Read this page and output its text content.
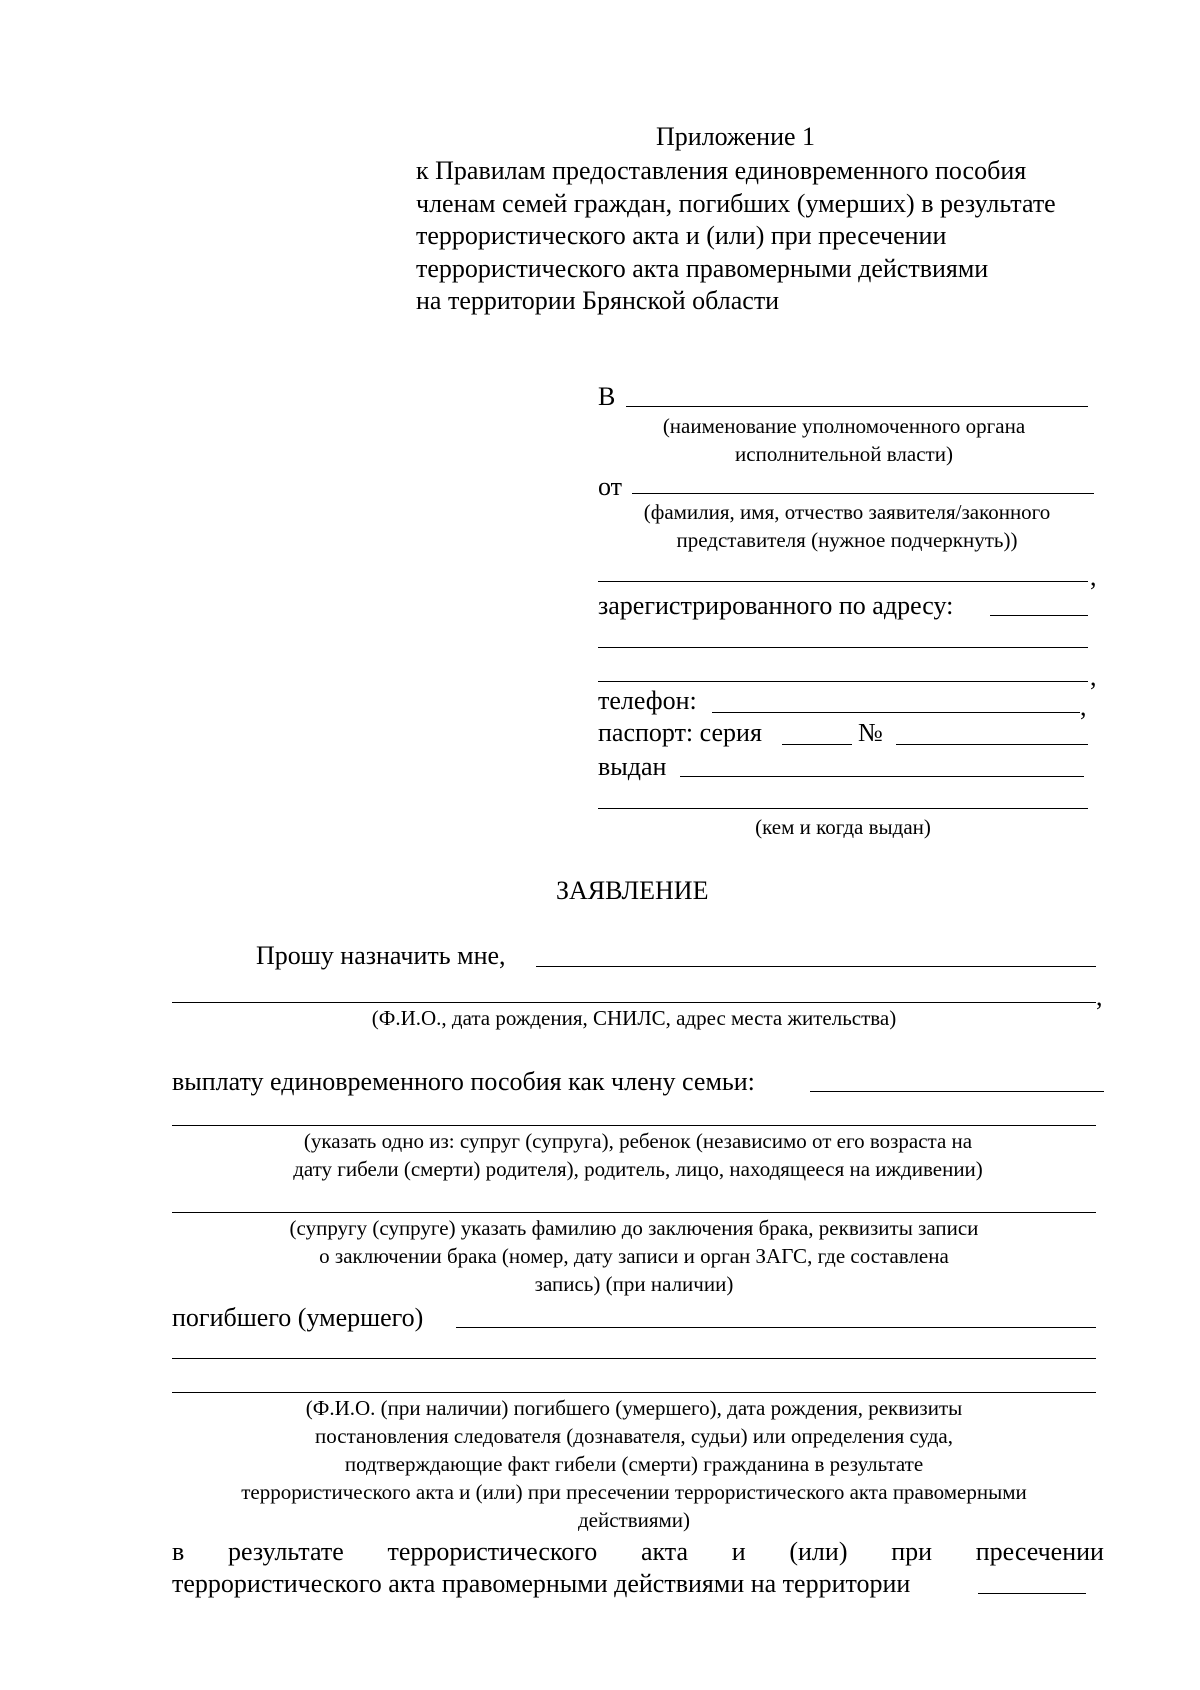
Приложение 1
к Правилам предоставления единовременного пособия
членам семей граждан, погибших (умерших) в результате
террористического акта и (или) при пресечении
террористического акта правомерными действиями
на территории Брянской области
В
(наименование уполномоченного органа
исполнительной власти)
от
(фамилия, имя, отчество заявителя/законного
представителя (нужное подчеркнуть))
,
зарегистрированного по адресу:
,
телефон:	,
паспорт: серия	№
выдан
(кем и когда выдан)
ЗАЯВЛЕНИЕ
Прошу назначить мне,
,
(Ф.И.О., дата рождения, СНИЛС, адрес места жительства)
выплату единовременного пособия как члену семьи:
(указать одно из: супруг (супруга), ребенок (независимо от его возраста на
дату гибели (смерти) родителя), родитель, лицо, находящееся на иждивении)
(супругу (супруге) указать фамилию до заключения брака, реквизиты записи
о заключении брака (номер, дату записи и орган ЗАГС, где составлена
запись) (при наличии)
погибшего (умершего)
(Ф.И.О. (при наличии) погибшего (умершего), дата рождения, реквизиты
постановления следователя (дознавателя, судьи) или определения суда,
подтверждающие факт гибели (смерти) гражданина в результате
террористического акта и (или) при пресечении террористического акта правомерными
действиями)
в результате террористического акта и (или) при пресечении
террористического акта правомерными действиями на территории
